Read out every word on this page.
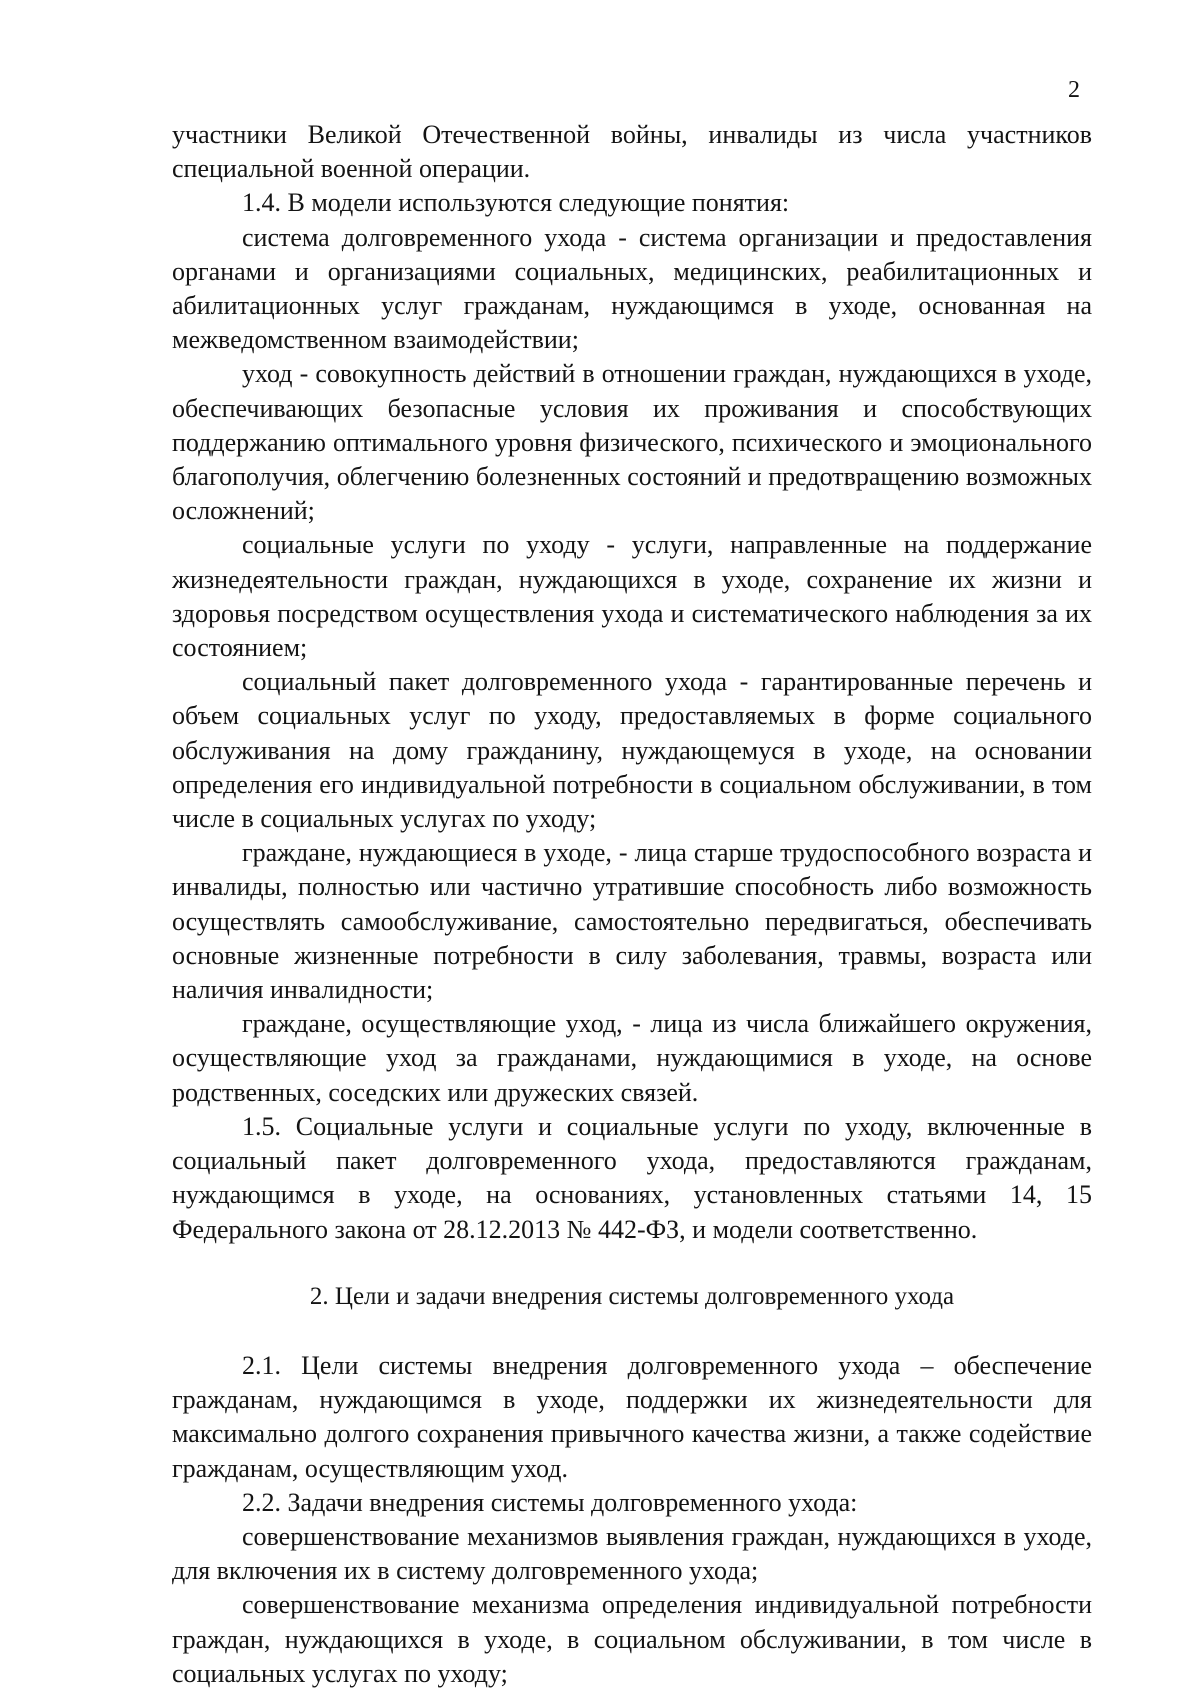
2

участники Великой Отечественной войны, инвалиды из числа участников специальной военной операции.

1.4. В модели используются следующие понятия:

система долговременного ухода - система организации и предоставления органами и организациями социальных, медицинских, реабилитационных и абилитационных услуг гражданам, нуждающимся в уходе, основанная на межведомственном взаимодействии;

уход - совокупность действий в отношении граждан, нуждающихся в уходе, обеспечивающих безопасные условия их проживания и способствующих поддержанию оптимального уровня физического, психического и эмоционального благополучия, облегчению болезненных состояний и предотвращению возможных осложнений;

социальные услуги по уходу - услуги, направленные на поддержание жизнедеятельности граждан, нуждающихся в уходе, сохранение их жизни и здоровья посредством осуществления ухода и систематического наблюдения за их состоянием;

социальный пакет долговременного ухода - гарантированные перечень и объем социальных услуг по уходу, предоставляемых в форме социального обслуживания на дому гражданину, нуждающемуся в уходе, на основании определения его индивидуальной потребности в социальном обслуживании, в том числе в социальных услугах по уходу;

граждане, нуждающиеся в уходе, - лица старше трудоспособного возраста и инвалиды, полностью или частично утратившие способность либо возможность осуществлять самообслуживание, самостоятельно передвигаться, обеспечивать основные жизненные потребности в силу заболевания, травмы, возраста или наличия инвалидности;

граждане, осуществляющие уход, - лица из числа ближайшего окружения, осуществляющие уход за гражданами, нуждающимися в уходе, на основе родственных, соседских или дружеских связей.

1.5. Социальные услуги и социальные услуги по уходу, включенные в социальный пакет долговременного ухода, предоставляются гражданам, нуждающимся в уходе, на основаниях, установленных статьями 14, 15 Федерального закона от 28.12.2013 № 442-ФЗ, и модели соответственно.

2. Цели и задачи внедрения системы долговременного ухода

2.1. Цели системы внедрения долговременного ухода – обеспечение гражданам, нуждающимся в уходе, поддержки их жизнедеятельности для максимально долгого сохранения привычного качества жизни, а также содействие гражданам, осуществляющим уход.

2.2. Задачи внедрения системы долговременного ухода:

совершенствование механизмов выявления граждан, нуждающихся в уходе, для включения их в систему долговременного ухода;

совершенствование механизма определения индивидуальной потребности граждан, нуждающихся в уходе, в социальном обслуживании, в том числе в социальных услугах по уходу;
